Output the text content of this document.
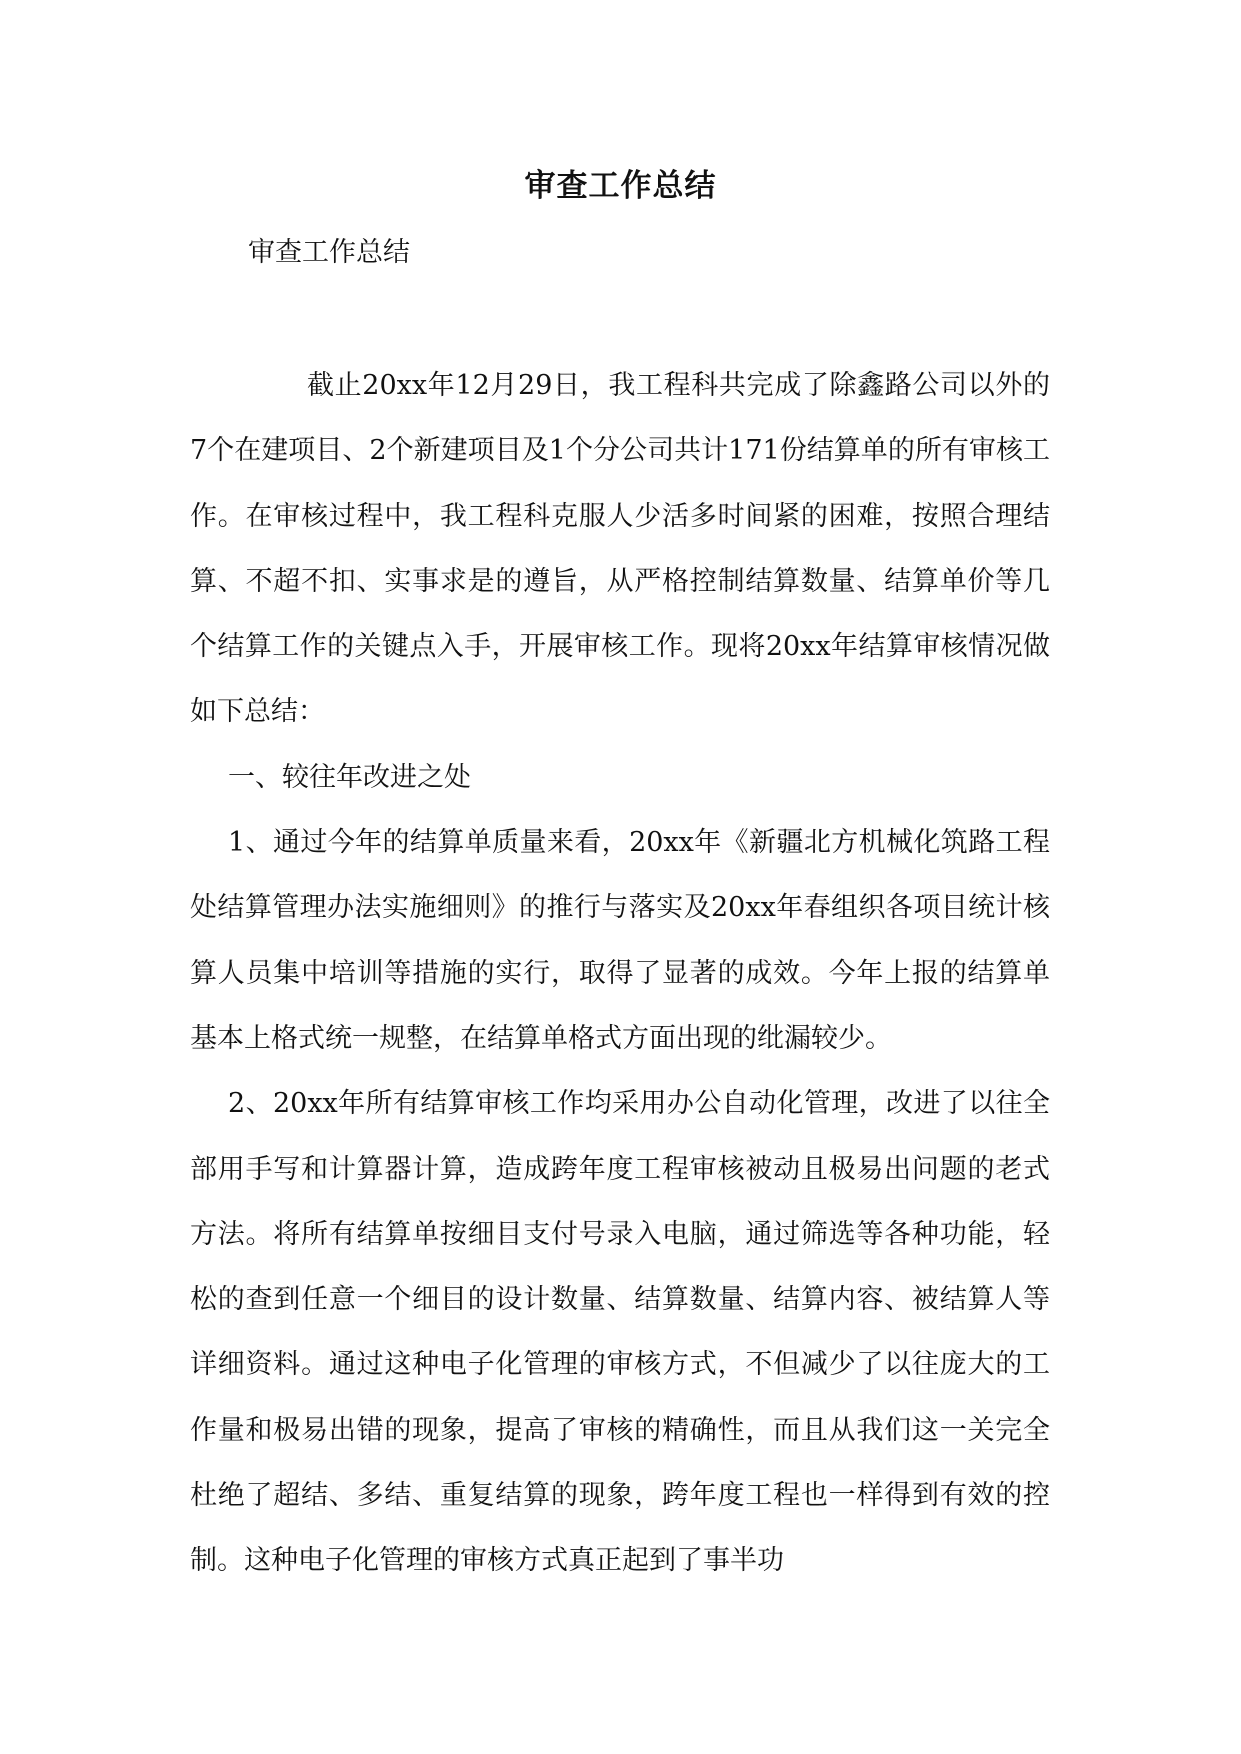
审查工作总结
审查工作总结

截止20xx年12月29日，我工程科共完成了除鑫路公司以外的7个在建项目、2个新建项目及1个分公司共计171份结算单的所有审核工作。在审核过程中，我工程科克服人少活多时间紧的困难，按照合理结算、不超不扣、实事求是的遵旨，从严格控制结算数量、结算单价等几个结算工作的关键点入手，开展审核工作。现将20xx年结算审核情况做如下总结：

一、较往年改进之处

1、通过今年的结算单质量来看，20xx年《新疆北方机械化筑路工程处结算管理办法实施细则》的推行与落实及20xx年春组织各项目统计核算人员集中培训等措施的实行，取得了显著的成效。今年上报的结算单基本上格式统一规整，在结算单格式方面出现的纰漏较少。

2、20xx年所有结算审核工作均采用办公自动化管理，改进了以往全部用手写和计算器计算，造成跨年度工程审核被动且极易出问题的老式方法。将所有结算单按细目支付号录入电脑，通过筛选等各种功能，轻松的查到任意一个细目的设计数量、结算数量、结算内容、被结算人等详细资料。通过这种电子化管理的审核方式，不但减少了以往庞大的工作量和极易出错的现象，提高了审核的精确性，而且从我们这一关完全杜绝了超结、多结、重复结算的现象，跨年度工程也一样得到有效的控制。这种电子化管理的审核方式真正起到了事半功
